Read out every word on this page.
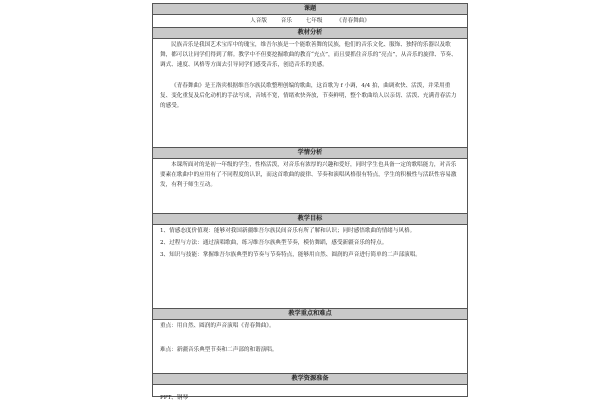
课题
人音版 音乐 七年级 《青春舞曲》
教材分析

民族音乐是我国艺术宝库中的瑰宝，维吾尔族是一个能歌善舞的民族，他们的音乐文化、服饰、独特的乐器以及歌舞，都可以让同学们得到了解。教学中不但要挖掘歌曲的教育“充点”，而且要抓住音乐的“亮点”，从音乐的旋律、节奏、调式、速度、风格等方面去引导同学们感受音乐，创造音乐的美感。

《青春舞曲》是王洛宾根据维吾尔族民歌整理创编的歌曲，这首歌为 f 小调，4/4 拍，曲调欢快、活泼，并采用重复、变化重复及后化动机的手法写成，音域不宽，情绪欢快奔放，节奏鲜明，整个歌曲给人以亲切、活泼、充满青春活力的感受。

学情分析

本课所面对的是初一年级的学生，性格活泼，对音乐有浓厚的兴趣和爱好，同时学生也具备一定的歌唱能力，对音乐要素在歌曲中的应用有了不同程度的认识，而这首歌曲的旋律、节奏和演唱风格很有特点，学生的积极性与活跃性容易激发，有利于师生互动。

教学目标

1、情感态度价值观：能够对我国新疆维吾尔族民间音乐有所了解和认识；同时感悟歌曲的情绪与风格。

2、过程与方法：通过演唱歌曲，练习维吾尔族典型节奏，模仿舞蹈，感受新疆音乐的特点。

3、知识与技能：掌握维吾尔族典型的节奏与节奏特点，能够用自然、圆润的声音进行简单的二声部演唱。

教学重点和难点

重点：用自然、圆润的声音演唱《青春舞曲》。

难点：新疆音乐典型节奏和二声部的和谐演唱。

教学资源准备

PPT、钢琴
